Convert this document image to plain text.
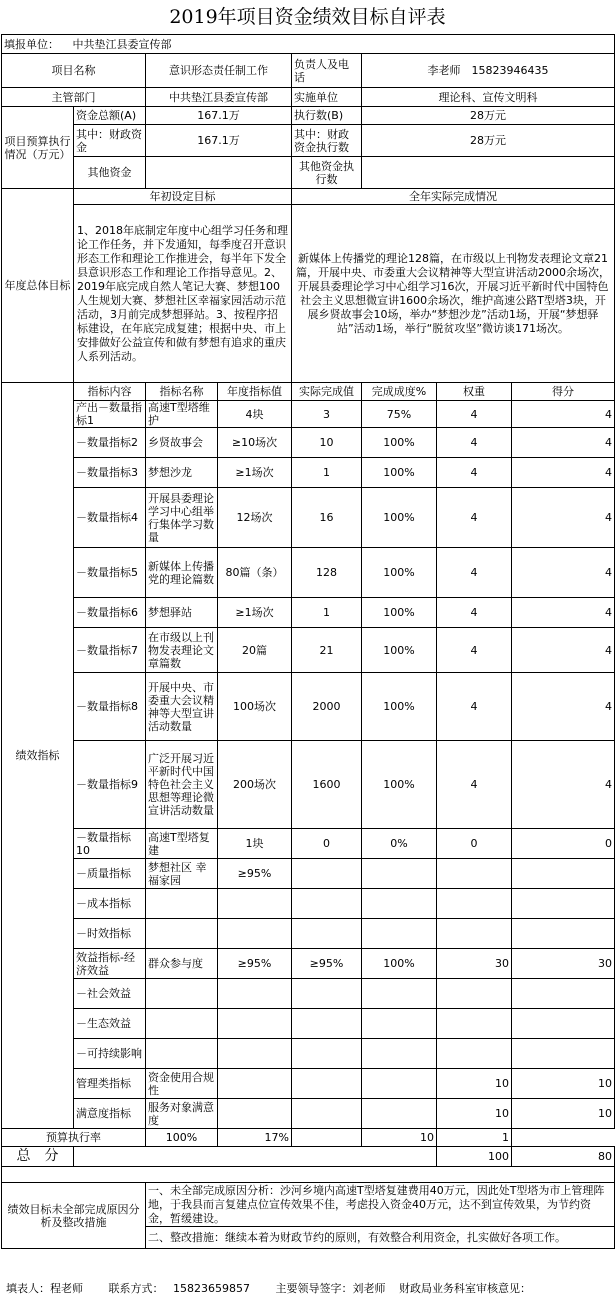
2019年项目资金绩效目标自评表
填报单位： 中共垫江县委宣传部							
项目名称		意识形态责任制工作		负责人及电话	李老师　15823946435		
主管部门		中共垫江县委宣传部		实施单位	理论科、宣传文明科		
项目预算执行情况（万元）	资金总额(A)	167.1万		执行数(B)	28万元		
	其中：财政资金	167.1万		其中：财政资金执行数	28万元		
	其他资金			其他资金执行数			
年度总体目标	年初设定目标			全年实际完成情况			
	1、2018年底制定年度中心组学习任务和理论工作任务，并下发通知，每季度召开意识形态工作和理论工作推进会，每半年下发全县意识形态工作和理论工作指导意见。2、2019年底完成自然人笔记大赛、梦想100人生规划大赛、梦想社区幸福家园活动示范活动，3月前完成梦想驿站。3、按程序招标建设，在年底完成复建；根据中央、市上安排做好公益宣传和做有梦想有追求的重庆人系列活动。			新媒体上传播党的理论128篇，在市级以上刊物发表理论文章21篇，开展中央、市委重大会议精神等大型宣讲活动2000余场次，开展县委理论学习中心组学习16次，开展习近平新时代中国特色社会主义思想微宣讲1600余场次，维护高速公路T型塔3块，开展乡贤故事会10场，举办“梦想沙龙”活动1场，开展“梦想驿站”活动1场，举行“脱贫攻坚”微访谈171场次。			
绩效指标	指标内容	指标名称	年度指标值	实际完成值	完成成度%	权重	得分
	产出－数量指标1	高速T型塔维护	4块	3	75%	4	4
	－数量指标2	乡贤故事会	≥10场次	10	100%	4	4
	－数量指标3	梦想沙龙	≥1场次	1	100%	4	4
	－数量指标4	开展县委理论学习中心组举行集体学习数量	12场次	16	100%	4	4
	－数量指标5	新媒体上传播党的理论篇数	80篇（条）	128	100%	4	4
	－数量指标6	梦想驿站	≥1场次	1	100%	4	4
	－数量指标7	在市级以上刊物发表理论文章篇数	20篇	21	100%	4	4
	－数量指标8	开展中央、市委重大会议精神等大型宣讲活动数量	100场次	2000	100%	4	4
	－数量指标9	广泛开展习近平新时代中国特色社会主义思想等理论微宣讲活动数量	200场次	1600	100%	4	4
	－数量指标10	高速T型塔复建	1块	0	0%	0	0
	－质量指标	梦想社区 幸福家园	≥95%				
	－成本指标						
	－时效指标						
	效益指标-经济效益	群众参与度	≥95%	≥95%	100%	30	30
	－社会效益						
	－生态效益						
	－可持续影响						
	管理类指标	资金使用合规性				10	10
	满意度指标	服务对象满意度				10	10
预算执行率		100%	17%		10	1	
总　分						100	80

绩效目标未全部完成原因分析及整改措施		一、未全部完成原因分析：沙河乡境内高速T型塔复建费用40万元，因此处T型塔为市上管理阵地，于我县而言复建点位宣传效果不佳，考虑投入资金40万元，达不到宣传效果，为节约资金，暂缓建设。					
		二、整改措施：继续本着为财政节约的原则，有效整合利用资金，扎实做好各项工作。					
填表人：程老师 联系方式： 15823659857 主要领导签字：刘老师 财政局业务科室审核意见：
